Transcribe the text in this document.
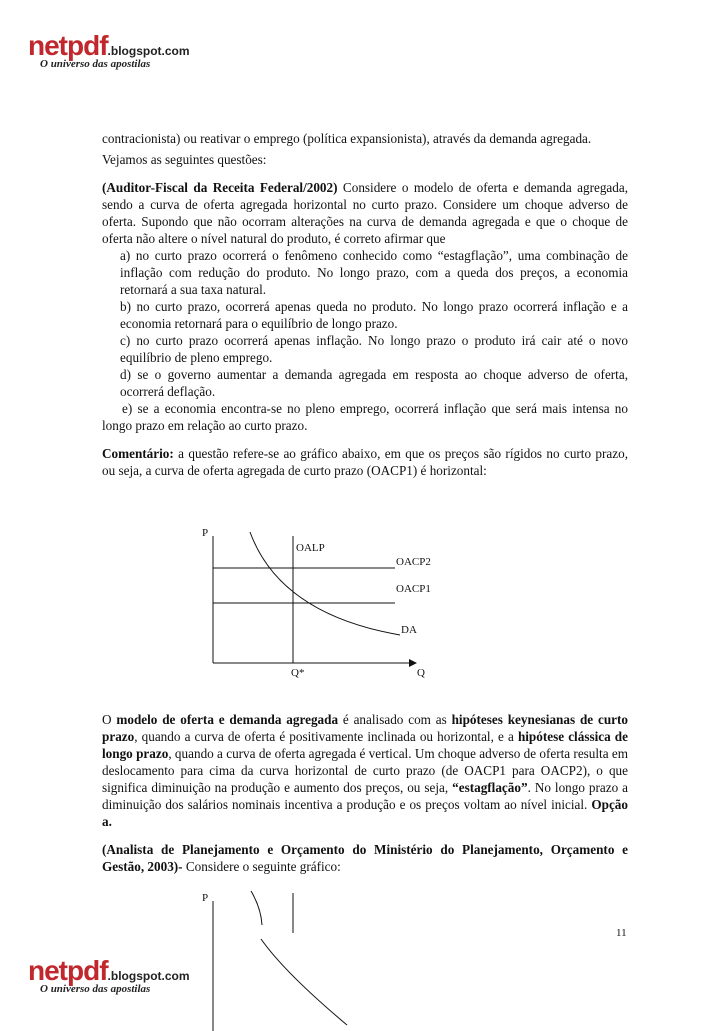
netpdf.blogspot.com
O universo das apostilas

contracionista) ou reativar o emprego (política expansionista), através da demanda agregada.

Vejamos as seguintes questões:

(Auditor-Fiscal da Receita Federal/2002) Considere o modelo de oferta e demanda agregada, sendo a curva de oferta agregada horizontal no curto prazo. Considere um choque adverso de oferta. Supondo que não ocorram alterações na curva de demanda agregada e que o choque de oferta não altere o nível natural do produto, é correto afirmar que

a) no curto prazo ocorrerá o fenômeno conhecido como “estagflação”, uma combinação de inflação com redução do produto. No longo prazo, com a queda dos preços, a economia retornará a sua taxa natural.

b) no curto prazo, ocorrerá apenas queda no produto. No longo prazo ocorrerá inflação e a economia retornará para o equilíbrio de longo prazo.

c) no curto prazo ocorrerá apenas inflação. No longo prazo o produto irá cair até o novo equilíbrio de pleno emprego.

d) se o governo aumentar a demanda agregada em resposta ao choque adverso de oferta, ocorrerá deflação.

e) se a economia encontra-se no pleno emprego, ocorrerá inflação que será mais intensa no longo prazo em relação ao curto prazo.

Comentário: a questão refere-se ao gráfico abaixo, em que os preços são rígidos no curto prazo, ou seja, a curva de oferta agregada de curto prazo (OACP1) é horizontal:

P
OALP
OACP2
OACP1
DA
Q*	Q

O modelo de oferta e demanda agregada é analisado com as hipóteses keynesianas de curto prazo, quando a curva de oferta é positivamente inclinada ou horizontal, e a hipótese clássica de longo prazo, quando a curva de oferta agregada é vertical. Um choque adverso de oferta resulta em deslocamento para cima da curva horizontal de curto prazo (de OACP1 para OACP2), o que significa diminuição na produção e aumento dos preços, ou seja, “estagflação”. No longo prazo a diminuição dos salários nominais incentiva a produção e os preços voltam ao nível inicial. Opção a.

(Analista de Planejamento e Orçamento do Ministério do Planejamento, Orçamento e Gestão, 2003)- Considere o seguinte gráfico:

P
11
netpdf.blogspot.com
O universo das apostilas
